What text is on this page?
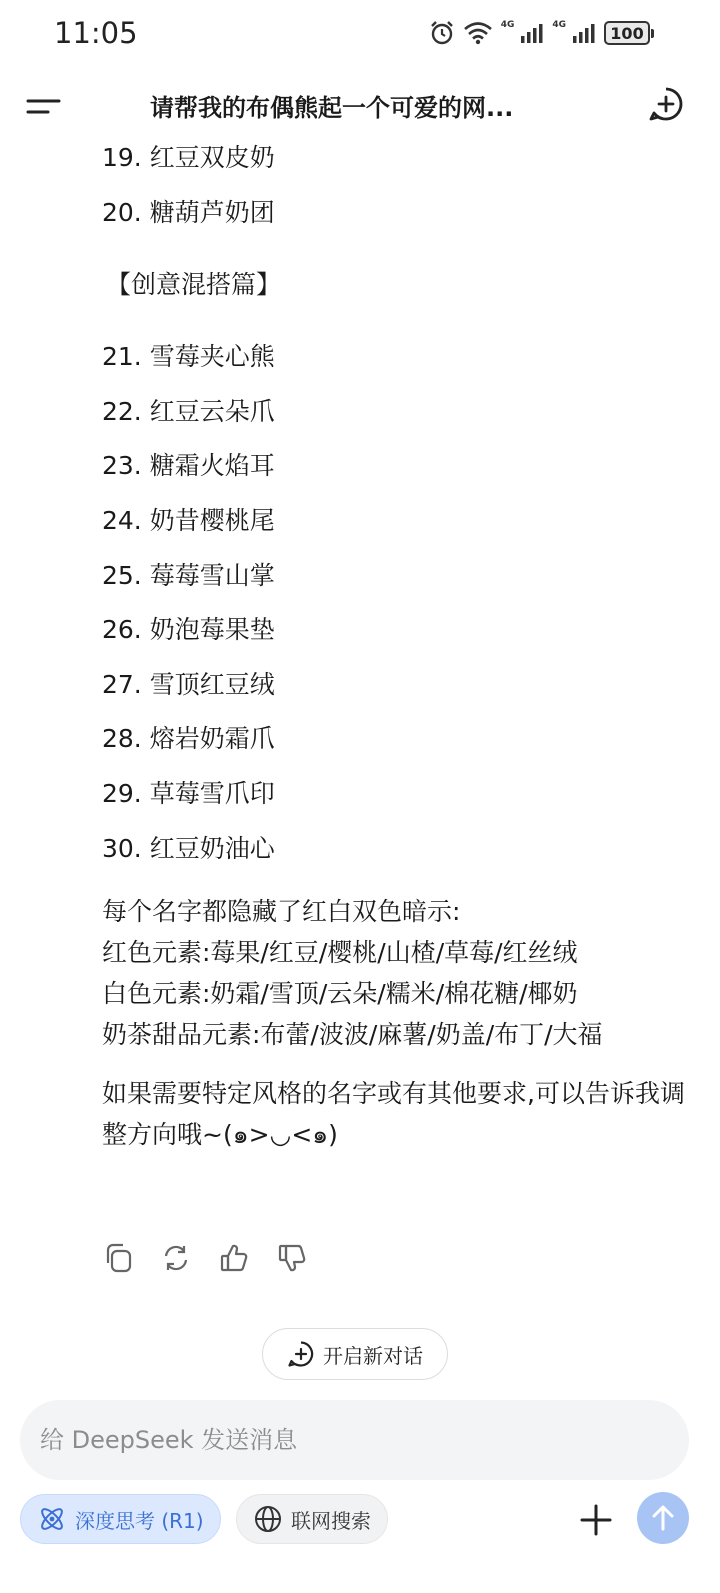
11:05	4G	4G	100
请帮我的布偶熊起一个可爱的网...
19. 红豆双皮奶
20. 糖葫芦奶团
【创意混搭篇】
21. 雪莓夹心熊
22. 红豆云朵爪
23. 糖霜火焰耳
24. 奶昔樱桃尾
25. 莓莓雪山掌
26. 奶泡莓果垫
27. 雪顶红豆绒
28. 熔岩奶霜爪
29. 草莓雪爪印
30. 红豆奶油心
每个名字都隐藏了红白双色暗示:
红色元素:莓果/红豆/樱桃/山楂/草莓/红丝绒
白色元素:奶霜/雪顶/云朵/糯米/棉花糖/椰奶
奶茶甜品元素:布蕾/波波/麻薯/奶盖/布丁/大福
如果需要特定风格的名字或有其他要求,可以告诉我调整方向哦~(๑>◡<๑)
开启新对话
给 DeepSeek 发送消息
深度思考 (R1)	联网搜索
